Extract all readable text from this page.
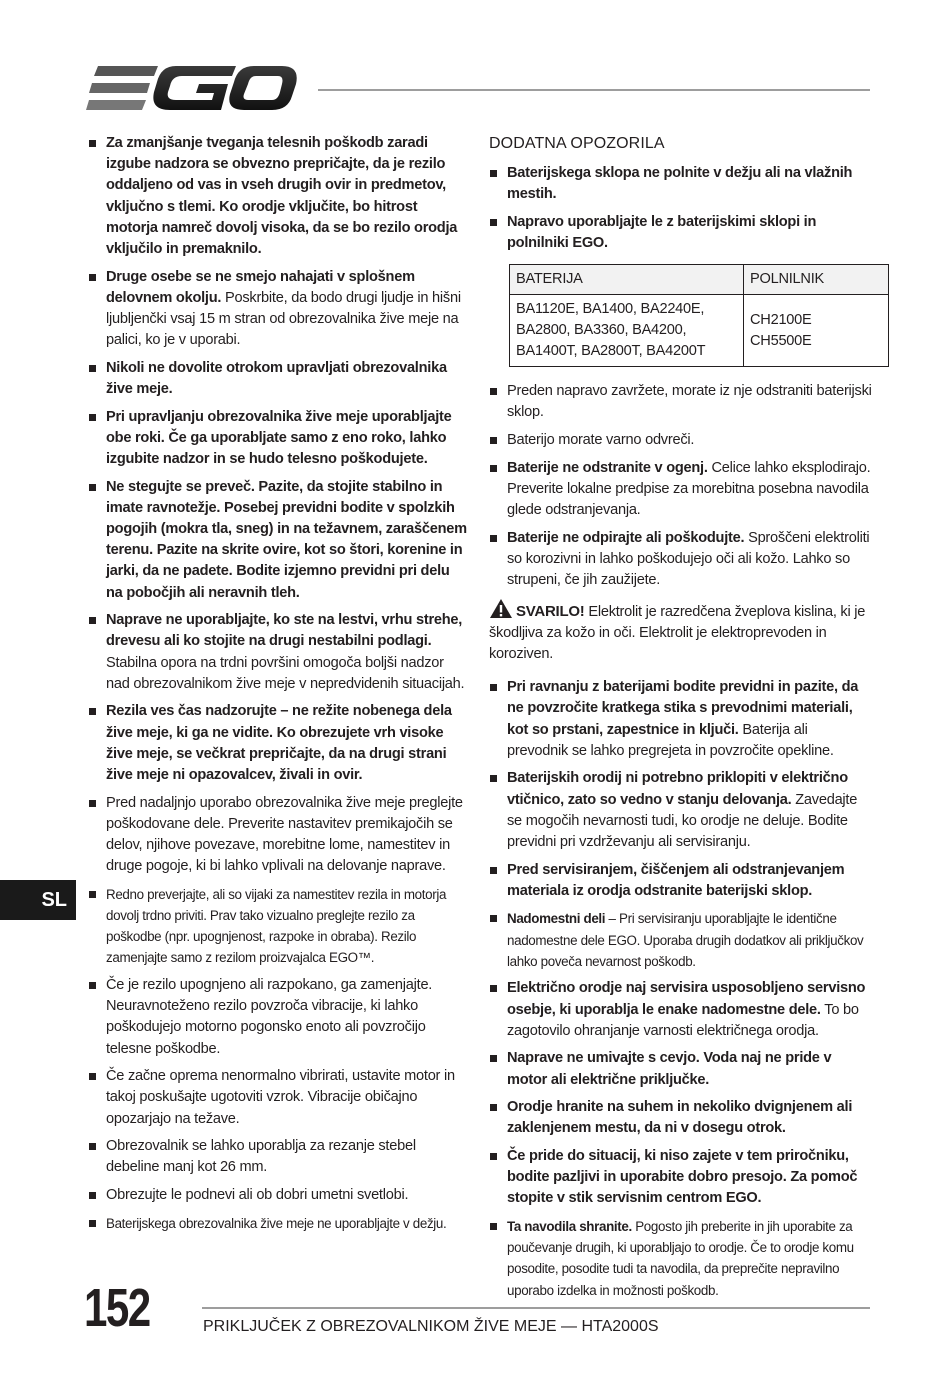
Za zmanjšanje tveganja telesnih poškodb zaradi izgube nadzora se obvezno prepričajte, da je rezilo oddaljeno od vas in vseh drugih ovir in predmetov, vključno s tlemi. Ko orodje vključite, bo hitrost motorja namreč dovolj visoka, da se bo rezilo orodja vključilo in premaknilo.
Druge osebe se ne smejo nahajati v splošnem delovnem okolju. Poskrbite, da bodo drugi ljudje in hišni ljubljenčki vsaj 15 m stran od obrezovalnika žive meje na palici, ko je v uporabi.
Nikoli ne dovolite otrokom upravljati obrezovalnika žive meje.
Pri upravljanju obrezovalnika žive meje uporabljajte obe roki. Če ga uporabljate samo z eno roko, lahko izgubite nadzor in se hudo telesno poškodujete.
Ne stegujte se preveč. Pazite, da stojite stabilno in imate ravnotežje. Posebej previdni bodite v spolzkih pogojih (mokra tla, sneg) in na težavnem, zaraščenem terenu. Pazite na skrite ovire, kot so štori, korenine in jarki, da ne padete. Bodite izjemno previdni pri delu na pobočjih ali neravnih tleh.
Naprave ne uporabljajte, ko ste na lestvi, vrhu strehe, drevesu ali ko stojite na drugi nestabilni podlagi. Stabilna opora na trdni površini omogoča boljši nadzor nad obrezovalnikom žive meje v nepredvidenih situacijah.
Rezila ves čas nadzorujte – ne režite nobenega dela žive meje, ki ga ne vidite. Ko obrezujete vrh visoke žive meje, se večkrat prepričajte, da na drugi strani žive meje ni opazovalcev, živali in ovir.
Pred nadaljnjo uporabo obrezovalnika žive meje preglejte poškodovane dele. Preverite nastavitev premikajočih se delov, njihove povezave, morebitne lome, namestitev in druge pogoje, ki bi lahko vplivali na delovanje naprave.
Redno preverjajte, ali so vijaki za namestitev rezila in motorja dovolj trdno priviti. Prav tako vizualno preglejte rezilo za poškodbe (npr. upognjenost, razpoke in obraba). Rezilo zamenjajte samo z rezilom proizvajalca EGO™.
Če je rezilo upognjeno ali razpokano, ga zamenjajte. Neuravnoteženo rezilo povzroča vibracije, ki lahko poškodujejo motorno pogonsko enoto ali povzročijo telesne poškodbe.
Če začne oprema nenormalno vibrirati, ustavite motor in takoj poskušajte ugotoviti vzrok. Vibracije običajno opozarjajo na težave.
Obrezovalnik se lahko uporablja za rezanje stebel debeline manj kot 26 mm.
Obrezujte le podnevi ali ob dobri umetni svetlobi.
Baterijskega obrezovalnika žive meje ne uporabljajte v dežju.
DODATNA OPOZORILA
Baterijskega sklopa ne polnite v dežju ali na vlažnih mestih.
Napravo uporabljajte le z baterijskimi sklopi in polnilniki EGO.
BATERIJA	POLNILNIK
BA1120E, BA1400, BA2240E, BA2800, BA3360, BA4200, BA1400T, BA2800T, BA4200T	CH2100E
CH5500E
Preden napravo zavržete, morate iz nje odstraniti baterijski sklop.
Baterijo morate varno odvreči.
Baterije ne odstranite v ogenj. Celice lahko eksplodirajo. Preverite lokalne predpise za morebitna posebna navodila glede odstranjevanja.
Baterije ne odpirajte ali poškodujte. Sproščeni elektroliti so korozivni in lahko poškodujejo oči ali kožo. Lahko so strupeni, če jih zaužijete.
SVARILO! Elektrolit je razredčena žveplova kislina, ki je škodljiva za kožo in oči. Elektrolit je elektroprevoden in koroziven.
Pri ravnanju z baterijami bodite previdni in pazite, da ne povzročite kratkega stika s prevodnimi materiali, kot so prstani, zapestnice in ključi. Baterija ali prevodnik se lahko pregrejeta in povzročite opekline.
Baterijskih orodij ni potrebno priklopiti v električno vtičnico, zato so vedno v stanju delovanja. Zavedajte se mogočih nevarnosti tudi, ko orodje ne deluje. Bodite previdni pri vzdrževanju ali servisiranju.
Pred servisiranjem, čiščenjem ali odstranjevanjem materiala iz orodja odstranite baterijski sklop.
Nadomestni deli – Pri servisiranju uporabljajte le identične nadomestne dele EGO. Uporaba drugih dodatkov ali priključkov lahko poveča nevarnost poškodb.
Električno orodje naj servisira usposobljeno servisno osebje, ki uporablja le enake nadomestne dele. To bo zagotovilo ohranjanje varnosti električnega orodja.
Naprave ne umivajte s cevjo. Voda naj ne pride v motor ali električne priključke.
Orodje hranite na suhem in nekoliko dvignjenem ali zaklenjenem mestu, da ni v dosegu otrok.
Če pride do situacij, ki niso zajete v tem priročniku, bodite pazljivi in uporabite dobro presojo. Za pomoč stopite v stik servisnim centrom EGO.
Ta navodila shranite. Pogosto jih preberite in jih uporabite za poučevanje drugih, ki uporabljajo to orodje. Če to orodje komu posodite, posodite tudi ta navodila, da preprečite nepravilno uporabo izdelka in možnosti poškodb.
SL
152	PRIKLJUČEK Z OBREZOVALNIKOM ŽIVE MEJE — HTA2000S
